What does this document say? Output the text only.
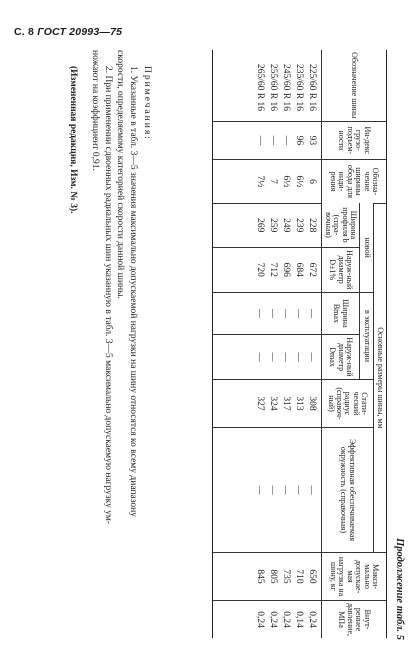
С. 8 ГОСТ 20993—75
Продолжение табл. 5
Обозначение шины	Ин-декс грузо-подъем-ности	Обозна-чение ширины обода для инди-рения	Основные размеры шины, мм						Макси-мально допускае-мая нагрузка на шину, кг	Внут-реннее давление, МПа
			новой		в эксплуатации		Стати-ческий радиус (справоч-ный)	Эффективная обеспечиваемая окружность (справочная)		
			Ширина профиля b (спра-вочная)	Наруж-ный диаметр D±1%	Ширина Bmax	Наруж-ный диаметр Dmax				
225/60 R 16	93	6	228	672	—	—	308	—	650	0,24
235/60 R 16	96	6½	239	684	—	—	313	—	710	0,14
245/60 R 16	—	6½	249	696	—	—	317	—	735	0,24
255/60 R 16	—	7	259	712	—	—	324	—	805	0,24
265/60 R 16	—	7½	269	720	—	—	327	—	845	0,24

Примечания:

1. Указанные в табл. 3—5 значения максимально допускаемой нагрузки на шину относятся ко всему диапазону

скорости, определяемому категорией скорости данной шины.

2. При применении сдвоенных радиальных шин указанную в табл. 3—5 максимально допускаемую нагрузку ум-

ножают на коэффициент 0,91.

(Измененная редакция, Изм. № 3).
